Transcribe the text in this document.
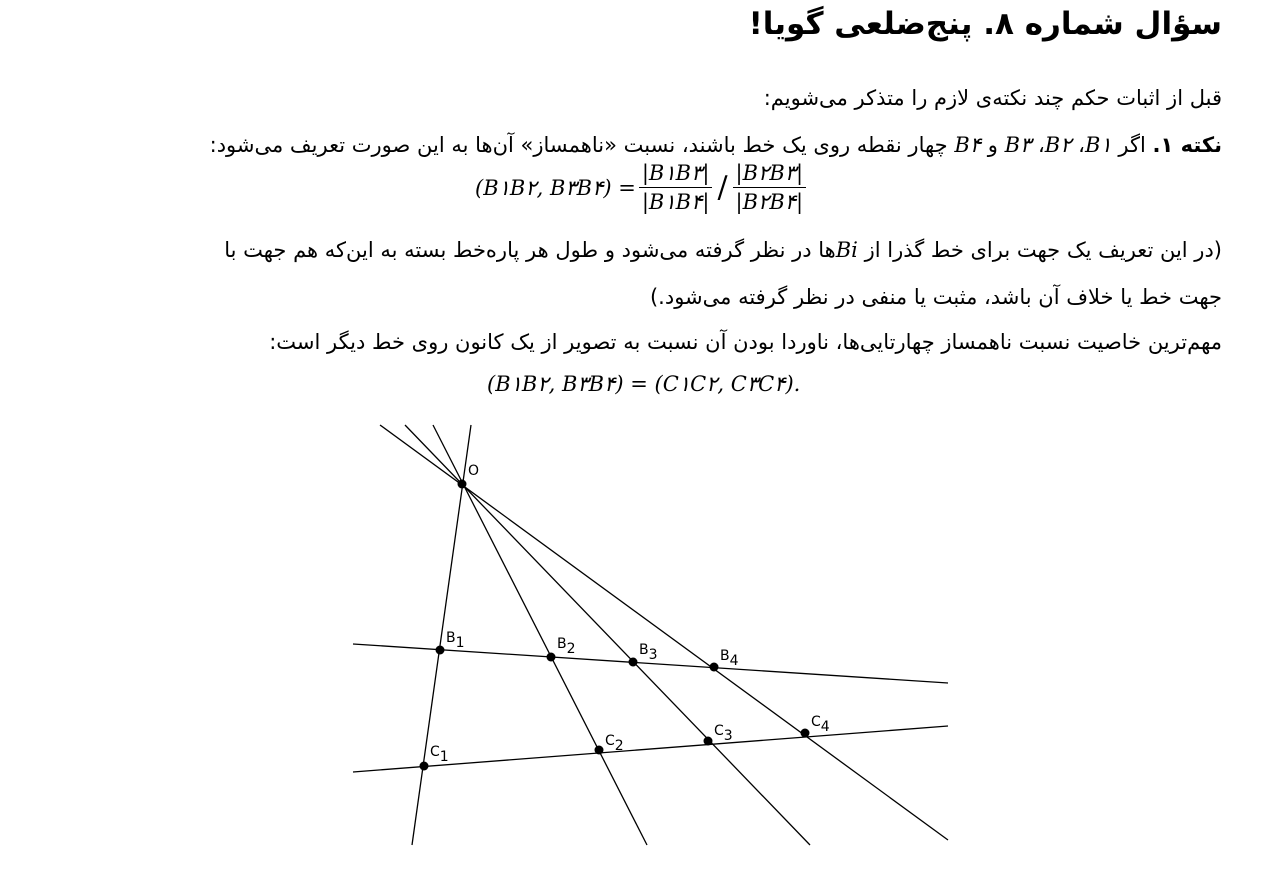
سؤال شماره ۸. پنج‌ضلعی گویا!
قبل از اثبات حکم چند نکته‌ی لازم را متذکر می‌شویم:
نکته ۱. اگر B۱، B۲، B۳ و B۴ چهار نقطه روی یک خط باشند، نسبت «ناهمساز» آن‌ها به این صورت تعریف می‌شود:
(B۱B۲, B۳B۴) = $\frac{|B۱B۳|}{|B۱B۴|} / \frac{|B۲B۳|}{|B۲B۴|}$
(در این تعریف یک جهت برای خط گذرا از Biها در نظر گرفته می‌شود و طول هر پاره‌خط بسته به این‌که هم جهت با
جهت خط یا خلاف آن باشد، مثبت یا منفی در نظر گرفته می‌شود.)
مهم‌ترین خاصیت نسبت ناهمساز چهارتایی‌ها، ناوردا بودن آن نسبت به تصویر از یک کانون روی خط دیگر است:
(B۱B۲, B۳B۴) = (C۱C۲, C۳C۴).
O
B1	B2	B3	B4
C1
C2
C3
C4
